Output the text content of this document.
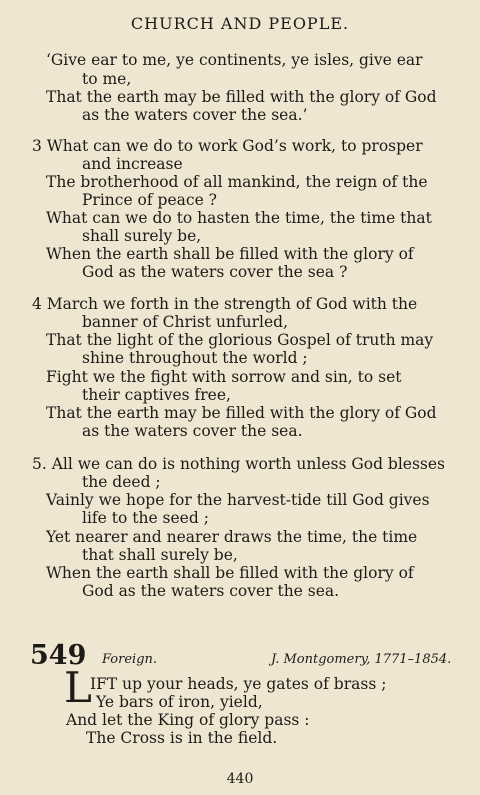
CHURCH AND PEOPLE.
‘Give ear to me, ye continents, ye isles, give ear
to me,
That the earth may be filled with the glory of God
as the waters cover the sea.’
3 What can we do to work God’s work, to prosper
and increase
The brotherhood of all mankind, the reign of the
Prince of peace ?
What can we do to hasten the time, the time that
shall surely be,
When the earth shall be filled with the glory of
God as the waters cover the sea ?
4 March we forth in the strength of God with the
banner of Christ unfurled,
That the light of the glorious Gospel of truth may
shine throughout the world ;
Fight we the fight with sorrow and sin, to set
their captives free,
That the earth may be filled with the glory of God
as the waters cover the sea.
5. All we can do is nothing worth unless God blesses
the deed ;
Vainly we hope for the harvest-tide till God gives
life to the seed ;
Yet nearer and nearer draws the time, the time
that shall surely be,
When the earth shall be filled with the glory of
God as the waters cover the sea.
549 Foreign.	J. Montgomery, 1771–1854.
L
IFT up your heads, ye gates of brass ;
Ye bars of iron, yield,
And let the King of glory pass :
The Cross is in the field.
440
